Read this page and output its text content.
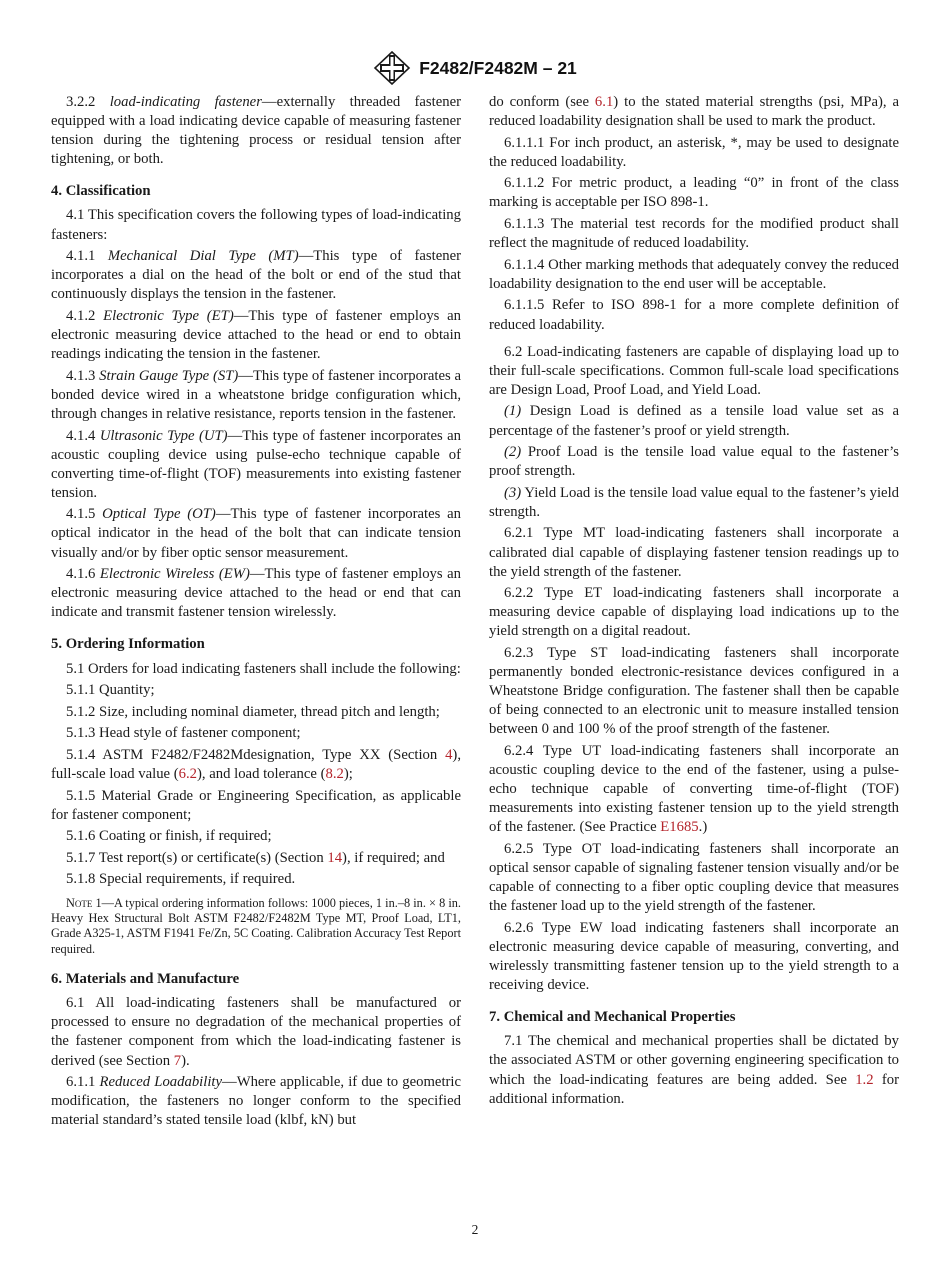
F2482/F2482M – 21

3.2.2 load-indicating fastener—externally threaded fastener equipped with a load indicating device capable of measuring fastener tension during the tightening process or residual tension after tightening, or both.

4. Classification

4.1 This specification covers the following types of load-indicating fasteners:

4.1.1 Mechanical Dial Type (MT)—This type of fastener incorporates a dial on the head of the bolt or end of the stud that continuously displays the tension in the fastener.

4.1.2 Electronic Type (ET)—This type of fastener employs an electronic measuring device attached to the head or end to obtain readings indicating the tension in the fastener.

4.1.3 Strain Gauge Type (ST)—This type of fastener incorporates a bonded device wired in a wheatstone bridge configuration which, through changes in relative resistance, reports tension in the fastener.

4.1.4 Ultrasonic Type (UT)—This type of fastener incorporates an acoustic coupling device using pulse-echo technique capable of converting time-of-flight (TOF) measurements into existing fastener tension.

4.1.5 Optical Type (OT)—This type of fastener incorporates an optical indicator in the head of the bolt that can indicate tension visually and/or by fiber optic sensor measurement.

4.1.6 Electronic Wireless (EW)—This type of fastener employs an electronic measuring device attached to the head or end that can indicate and transmit fastener tension wirelessly.

5. Ordering Information

5.1 Orders for load indicating fasteners shall include the following:

5.1.1 Quantity;

5.1.2 Size, including nominal diameter, thread pitch and length;

5.1.3 Head style of fastener component;

5.1.4 ASTM F2482/F2482Mdesignation, Type XX (Section 4), full-scale load value (6.2), and load tolerance (8.2);

5.1.5 Material Grade or Engineering Specification, as applicable for fastener component;

5.1.6 Coating or finish, if required;

5.1.7 Test report(s) or certificate(s) (Section 14), if required; and

5.1.8 Special requirements, if required.

Note 1—A typical ordering information follows: 1000 pieces, 1 in.–8 in. × 8 in. Heavy Hex Structural Bolt ASTM F2482/F2482M Type MT, Proof Load, LT1, Grade A325-1, ASTM F1941 Fe/Zn, 5C Coating. Calibration Accuracy Test Report required.

6. Materials and Manufacture

6.1 All load-indicating fasteners shall be manufactured or processed to ensure no degradation of the mechanical properties of the fastener component from which the load-indicating fastener is derived (see Section 7).

6.1.1 Reduced Loadability—Where applicable, if due to geometric modification, the fasteners no longer conform to the specified material standard’s stated tensile load (klbf, kN) but

do conform (see 6.1) to the stated material strengths (psi, MPa), a reduced loadability designation shall be used to mark the product.

6.1.1.1 For inch product, an asterisk, *, may be used to designate the reduced loadability.

6.1.1.2 For metric product, a leading “0” in front of the class marking is acceptable per ISO 898-1.

6.1.1.3 The material test records for the modified product shall reflect the magnitude of reduced loadability.

6.1.1.4 Other marking methods that adequately convey the reduced loadability designation to the end user will be acceptable.

6.1.1.5 Refer to ISO 898-1 for a more complete definition of reduced loadability.

6.2 Load-indicating fasteners are capable of displaying load up to their full-scale specifications. Common full-scale load specifications are Design Load, Proof Load, and Yield Load.

(1) Design Load is defined as a tensile load value set as a percentage of the fastener’s proof or yield strength.

(2) Proof Load is the tensile load value equal to the fastener’s proof strength.

(3) Yield Load is the tensile load value equal to the fastener’s yield strength.

6.2.1 Type MT load-indicating fasteners shall incorporate a calibrated dial capable of displaying fastener tension readings up to the yield strength of the fastener.

6.2.2 Type ET load-indicating fasteners shall incorporate a measuring device capable of displaying load indications up to the yield strength on a digital readout.

6.2.3 Type ST load-indicating fasteners shall incorporate permanently bonded electronic-resistance devices configured in a Wheatstone Bridge configuration. The fastener shall then be capable of being connected to an electronic unit to measure installed tension between 0 and 100 % of the proof strength of the fastener.

6.2.4 Type UT load-indicating fasteners shall incorporate an acoustic coupling device to the end of the fastener, using a pulse-echo technique capable of converting time-of-flight (TOF) measurements into existing fastener tension up to the yield strength of the fastener. (See Practice E1685.)

6.2.5 Type OT load-indicating fasteners shall incorporate an optical sensor capable of signaling fastener tension visually and/or be capable of connecting to a fiber optic coupling device that measures the fastener load up to the yield strength of the fastener.

6.2.6 Type EW load indicating fasteners shall incorporate an electronic measuring device capable of measuring, converting, and wirelessly transmitting fastener tension up to the yield strength to a receiving device.

7. Chemical and Mechanical Properties

7.1 The chemical and mechanical properties shall be dictated by the associated ASTM or other governing engineering specification to which the load-indicating features are being added. See 1.2 for additional information.

2
